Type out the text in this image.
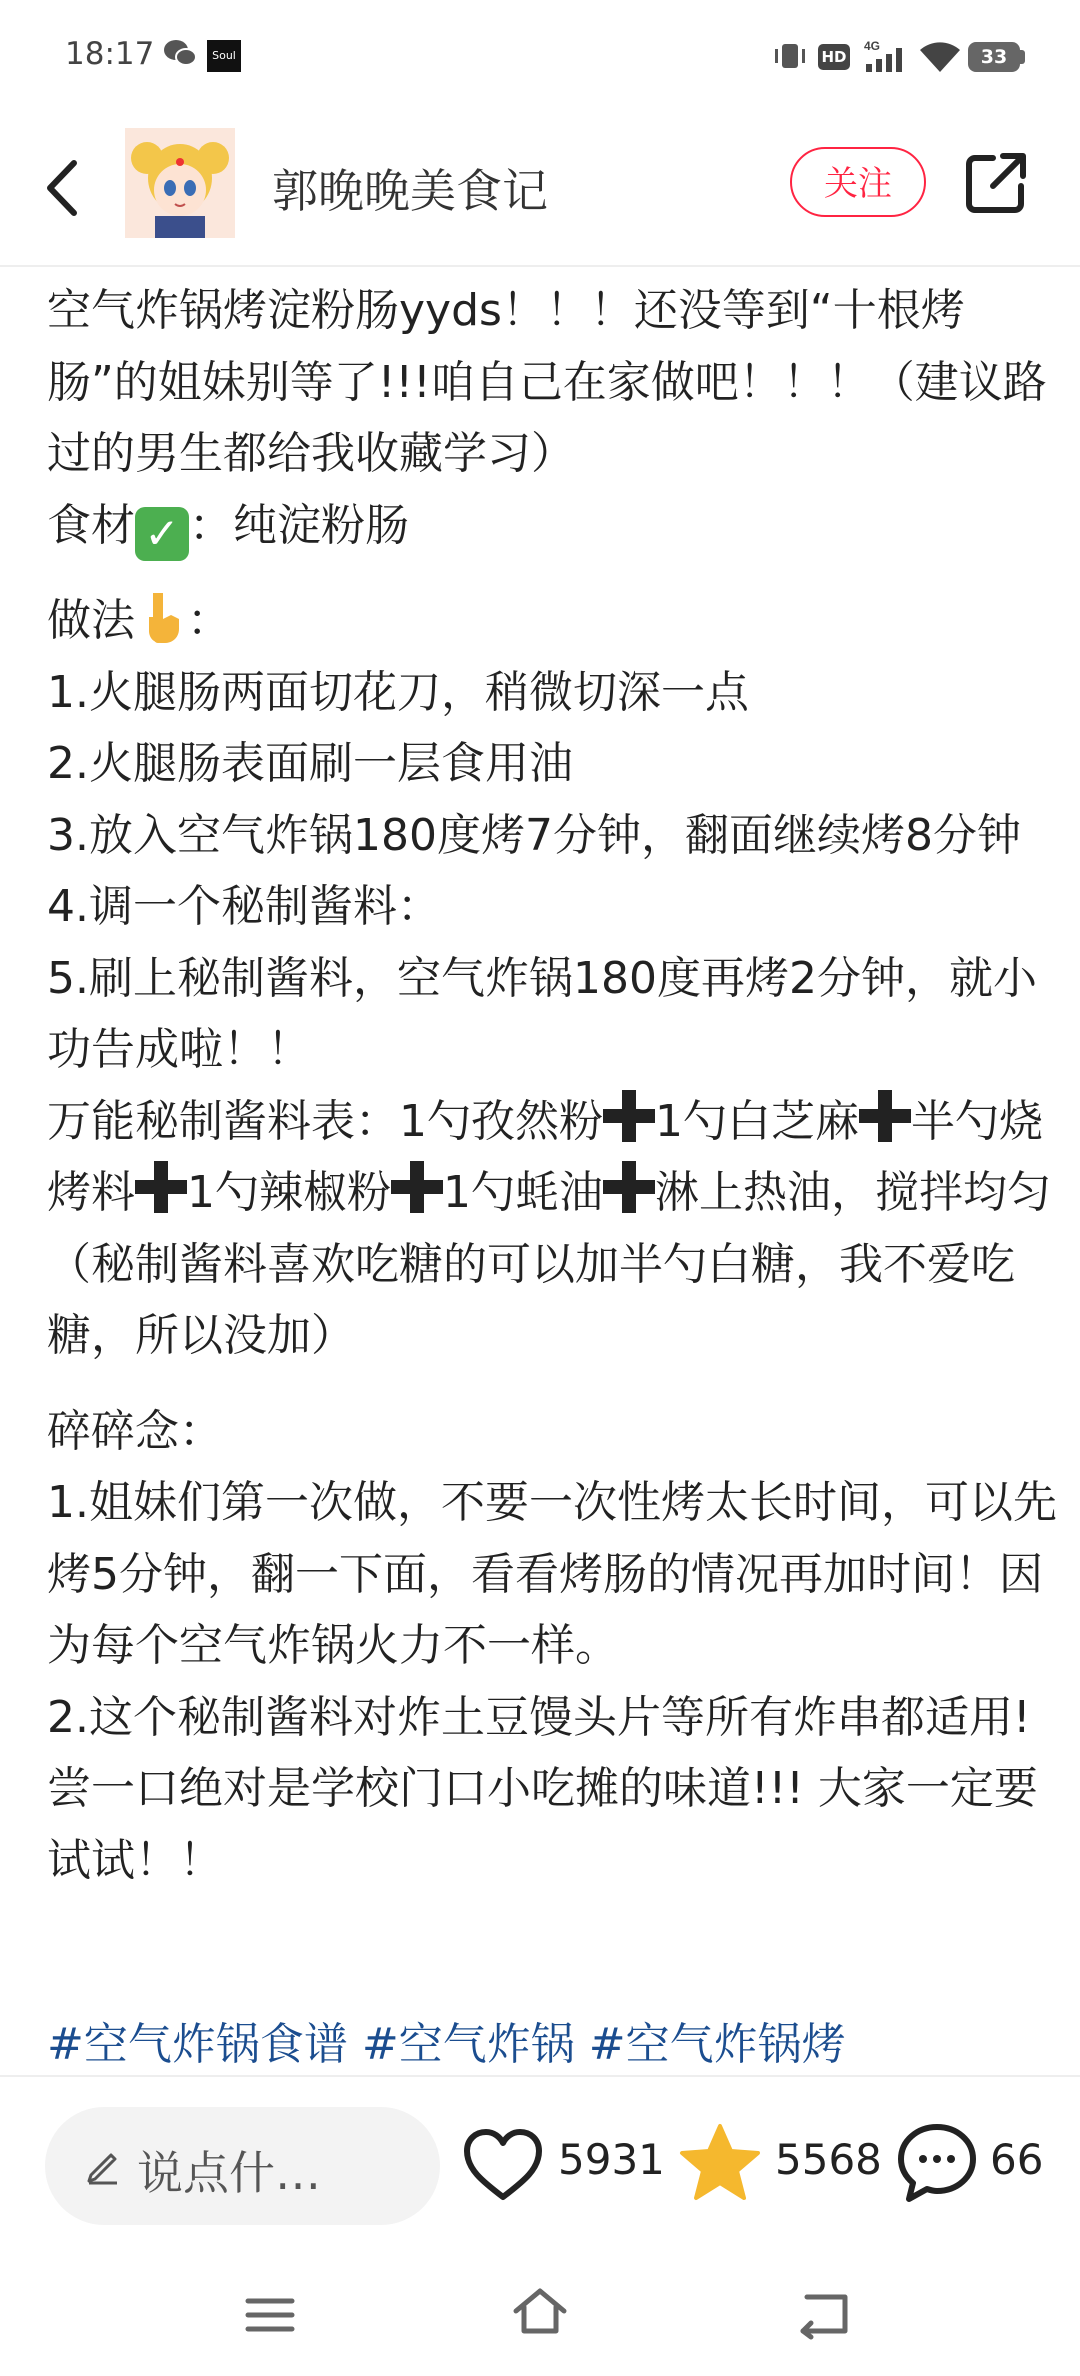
18:17	Soul	HD
4G	33
郭晚晚美食记	关注

空气炸锅烤淀粉肠yyds！！！还没等到“十根烤肠”的姐妹别等了!!!咱自己在家做吧！！！（建议路过的男生都给我收藏学习）

食材 ✓ ：纯淀粉肠

做法 ：

1.火腿肠两面切花刀，稍微切深一点

2.火腿肠表面刷一层食用油

3.放入空气炸锅180度烤7分钟，翻面继续烤8分钟

4.调一个秘制酱料：

5.刷上秘制酱料，空气炸锅180度再烤2分钟，就小功告成啦！！

万能秘制酱料表：1勺孜然粉 1勺白芝麻 半勺烧烤料 1勺辣椒粉 1勺蚝油 淋上热油，搅拌均匀（秘制酱料喜欢吃糖的可以加半勺白糖，我不爱吃糖，所以没加）

碎碎念：

1.姐妹们第一次做，不要一次性烤太长时间，可以先烤5分钟，翻一下面，看看烤肠的情况再加时间！因为每个空气炸锅火力不一样。

2.这个秘制酱料对炸土豆馒头片等所有炸串都适用!尝一口绝对是学校门口小吃摊的味道!!! 大家一定要试试！！

#空气炸锅食谱 #空气炸锅 #空气炸锅烤
说点什…	5931	5568	66
